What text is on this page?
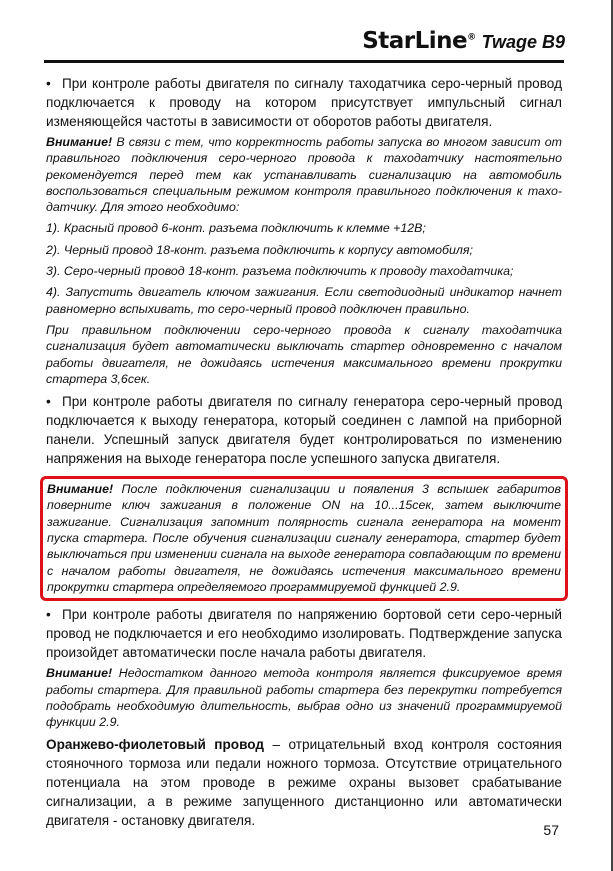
StarLine® Twage B9

• При контроле работы двигателя по сигналу таходатчика серо-черный провод подключается к проводу на котором присутствует импульсный сигнал изменяющейся частоты в зависимости от оборотов работы двигателя.

Внимание! В связи с тем, что корректность работы запуска во многом зависит от правильного подключения серо-черного провода к таходатчику настоятельно рекомендуется перед тем как устанавливать сигнализацию на автомобиль воспользоваться специальным режимом контроля правильного подключения к таходатчику. Для этого необходимо:

1). Красный провод 6-конт. разъема подключить к клемме +12В;

2). Черный провод 18-конт. разъема подключить к корпусу автомобиля;

3). Серо-черный провод 18-конт. разъема подключить к проводу таходатчика;

4). Запустить двигатель ключом зажигания. Если светодиодный индикатор начнет равномерно вспыхивать, то серо-черный провод подключен правильно.

При правильном подключении серо-черного провода к сигналу таходатчика сигнализация будет автоматически выключать стартер одновременно с началом работы двигателя, не дожидаясь истечения максимального времени прокрутки стартера 3,6сек.

• При контроле работы двигателя по сигналу генератора серо-черный провод подключается к выходу генератора, который соединен с лампой на приборной панели. Успешный запуск двигателя будет контролироваться по изменению напряжения на выходе генератора после успешного запуска двигателя.

Внимание! После подключения сигнализации и появления 3 вспышек габаритов поверните ключ зажигания в положение ON на 10...15сек, затем выключите зажигание. Сигнализация запомнит полярность сигнала генератора на момент пуска стартера. После обучения сигнализации сигналу генератора, стартер будет выключаться при изменении сигнала на выходе генератора совпадающим по времени с началом работы двигателя, не дожидаясь истечения максимального времени прокрутки стартера определяемого программируемой функцией 2.9.

• При контроле работы двигателя по напряжению бортовой сети серо-черный провод не подключается и его необходимо изолировать. Подтверждение запуска произойдет автоматически после начала работы двигателя.

Внимание! Недостатком данного метода контроля является фиксируемое время работы стартера. Для правильной работы стартера без перекрутки потребуется подобрать необходимую длительность, выбрав одно из значений программируемой функции 2.9.

Оранжево-фиолетовый провод – отрицательный вход контроля состояния стояночного тормоза или педали ножного тормоза. Отсутствие отрицательного потенциала на этом проводе в режиме охраны вызовет срабатывание сигнализации, а в режиме запущенного дистанционно или автоматически двигателя - остановку двигателя.

57
